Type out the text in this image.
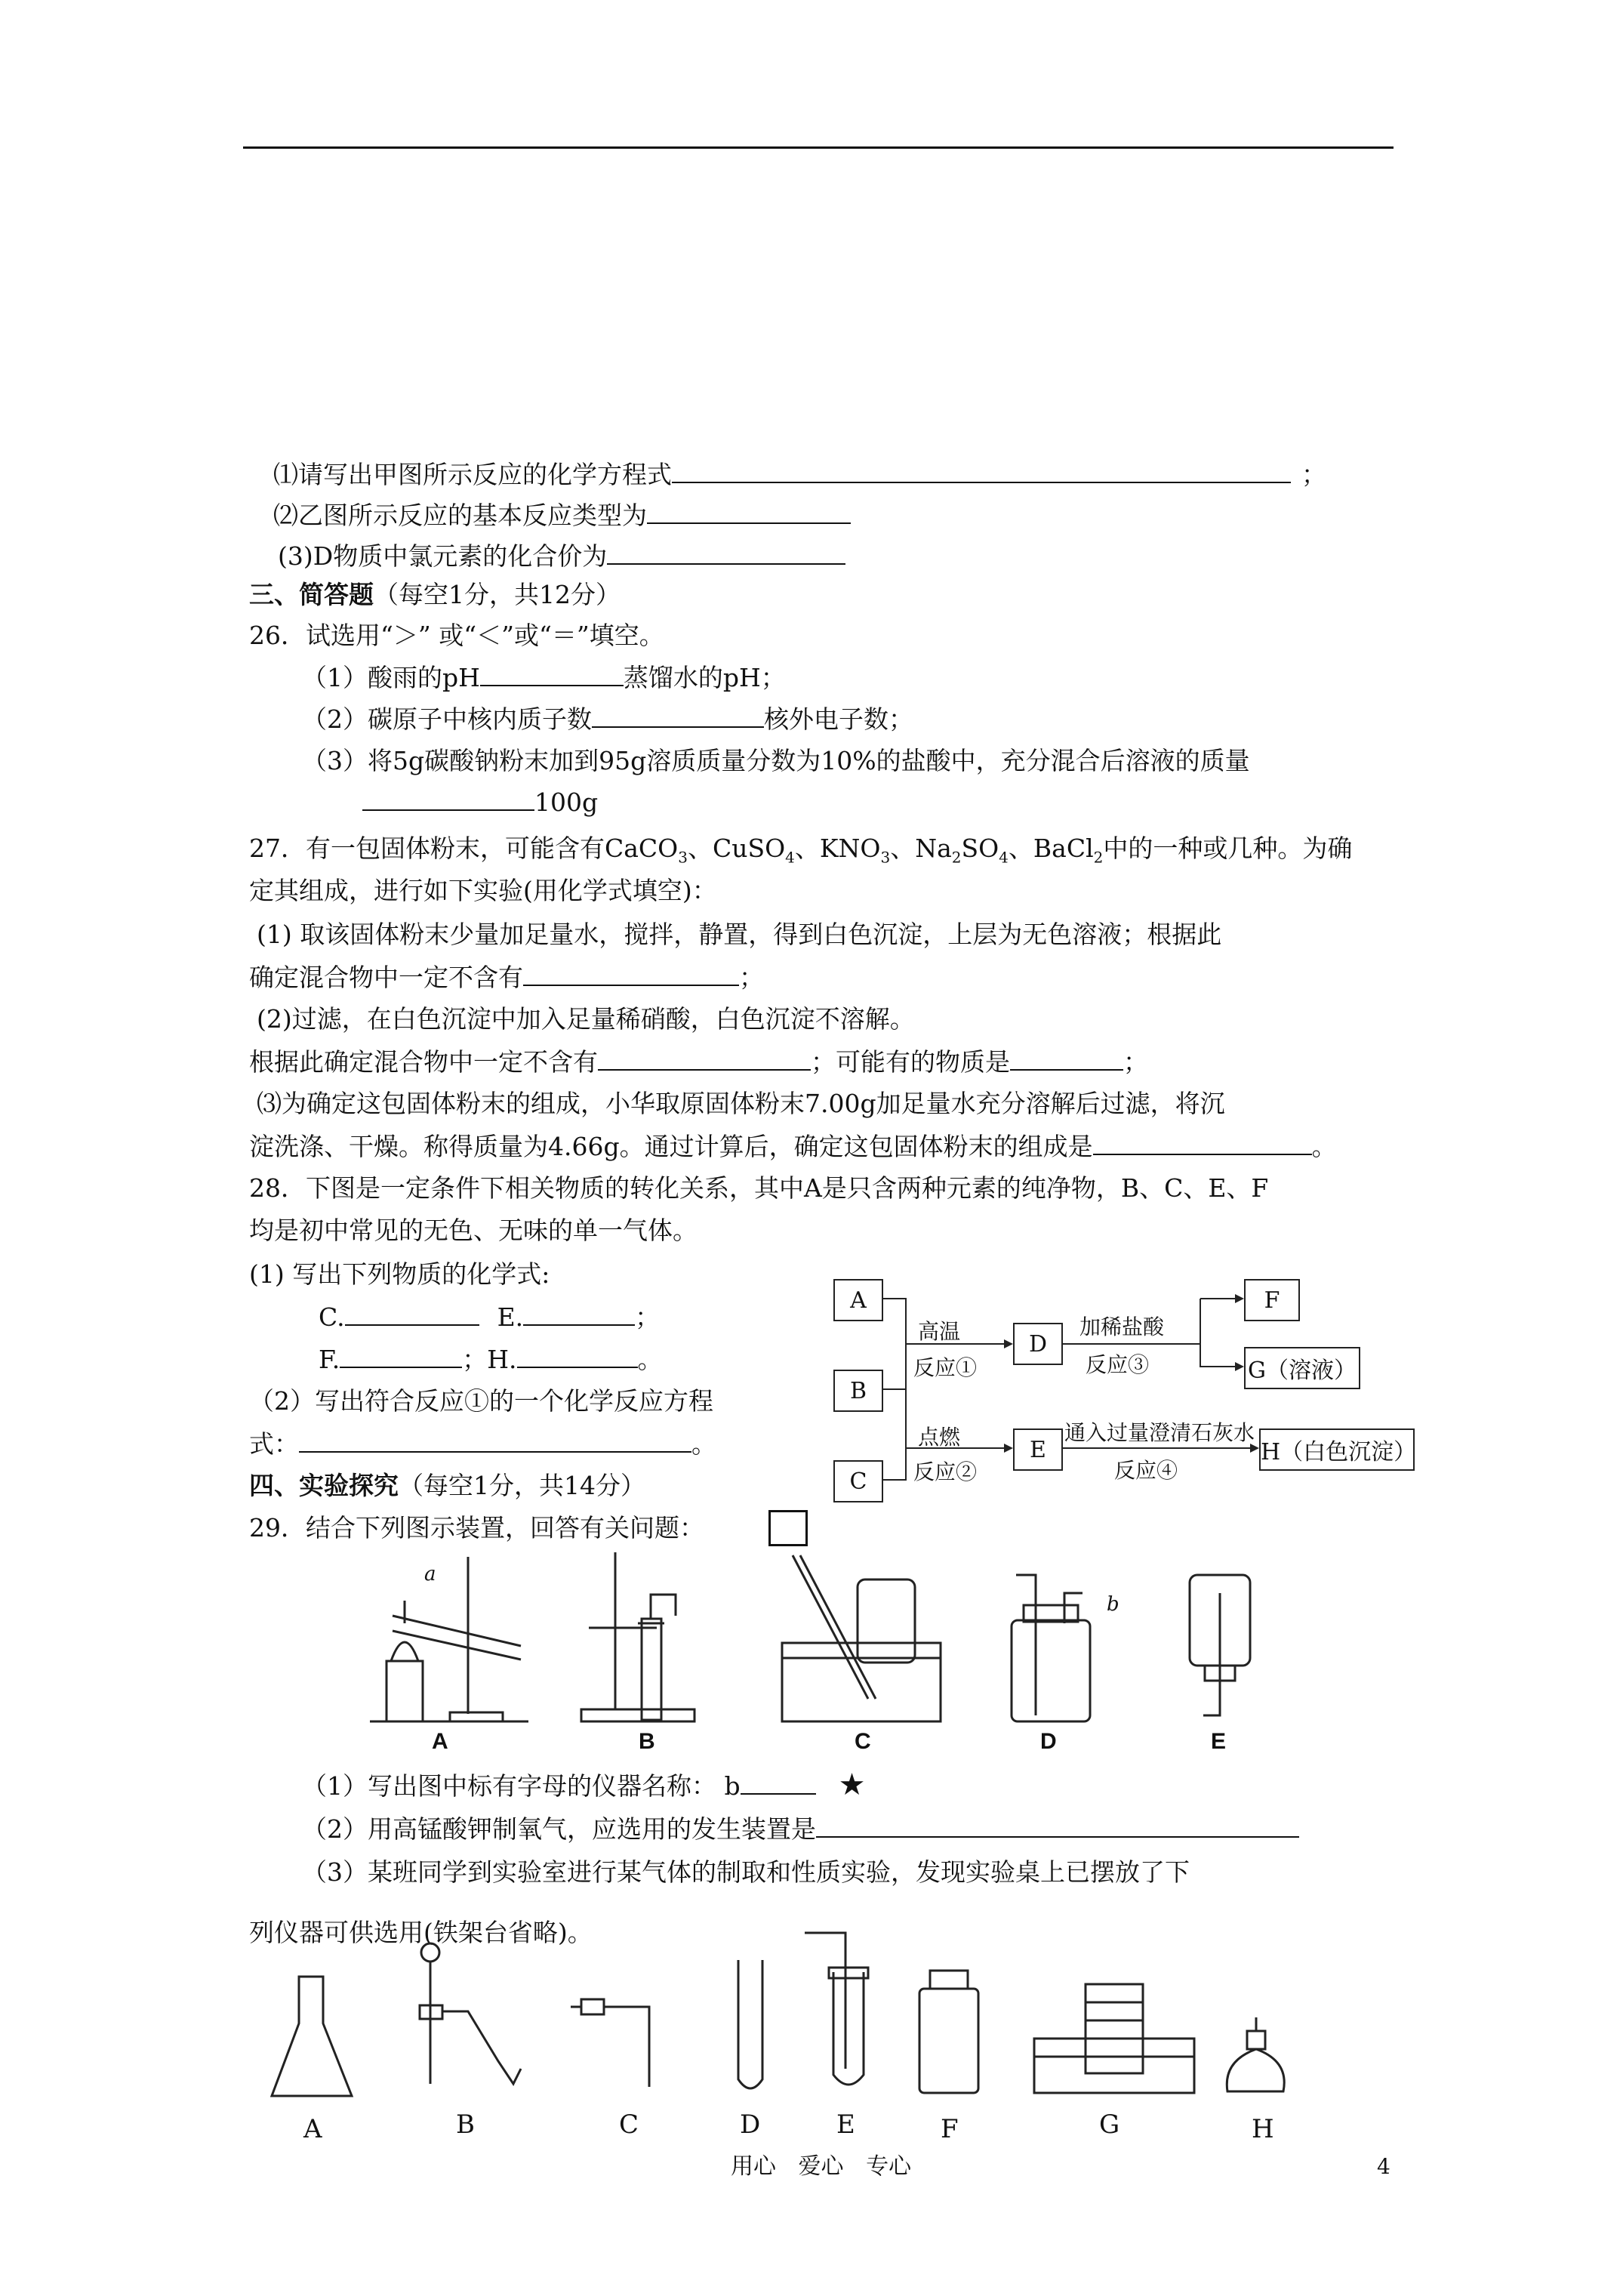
⑴请写出甲图所示反应的化学方程式	；
⑵乙图所示反应的基本反应类型为
(3)D物质中氯元素的化合价为
三、简答题（每空1分，共12分）
26．试选用“＞” 或“＜”或“＝”填空。
（1）酸雨的pH	蒸馏水的pH；
（2）碳原子中核内质子数	核外电子数；
（3）将5g碳酸钠粉末加到95g溶质质量分数为10%的盐酸中，充分混合后溶液的质量
100g
27．有一包固体粉末，可能含有CaCO$_3$、CuSO$_4$、$KNO_3$、$Na_2SO_4$、BaCl$_2$中的一种或几种。为确
定其组成，进行如下实验(用化学式填空)：
(1) 取该固体粉末少量加足量水，搅拌，静置，得到白色沉淀，上层为无色溶液；根据此
确定混合物中一定不含有	；
(2)过滤，在白色沉淀中加入足量稀硝酸，白色沉淀不溶解。
根据此确定混合物中一定不含有	；可能有的物质是	；
⑶为确定这包固体粉末的组成，小华取原固体粉末7.00g加足量水充分溶解后过滤，将沉
淀洗涤、干燥。称得质量为4.66g。通过计算后，确定这包固体粉末的组成是	。
28．下图是一定条件下相关物质的转化关系，其中A是只含两种元素的纯净物，B、C、E、F
均是初中常见的无色、无味的单一气体。
(1) 写出下列物质的化学式:
C.	E.	；
F.	；H.	。
（2）写出符合反应①的一个化学反应方程
式：	。
A
B
C
D
E
F
G（溶液）
H（白色沉淀）
高温
反应①
点燃
反应②
加稀盐酸
反应③
通入过量澄清石灰水
反应④
四、实验探究（每空1分，共14分）
29．结合下列图示装置，回答有关问题：
a
b
A	B	C	D	E
（1）写出图中标有字母的仪器名称： b	★
（2）用高锰酸钾制氧气，应选用的发生装置是
（3）某班同学到实验室进行某气体的制取和性质实验，发现实验桌上已摆放了下
列仪器可供选用(铁架台省略)。
A	B	C	D	E	F	G	H
用心 爱心 专心	4
